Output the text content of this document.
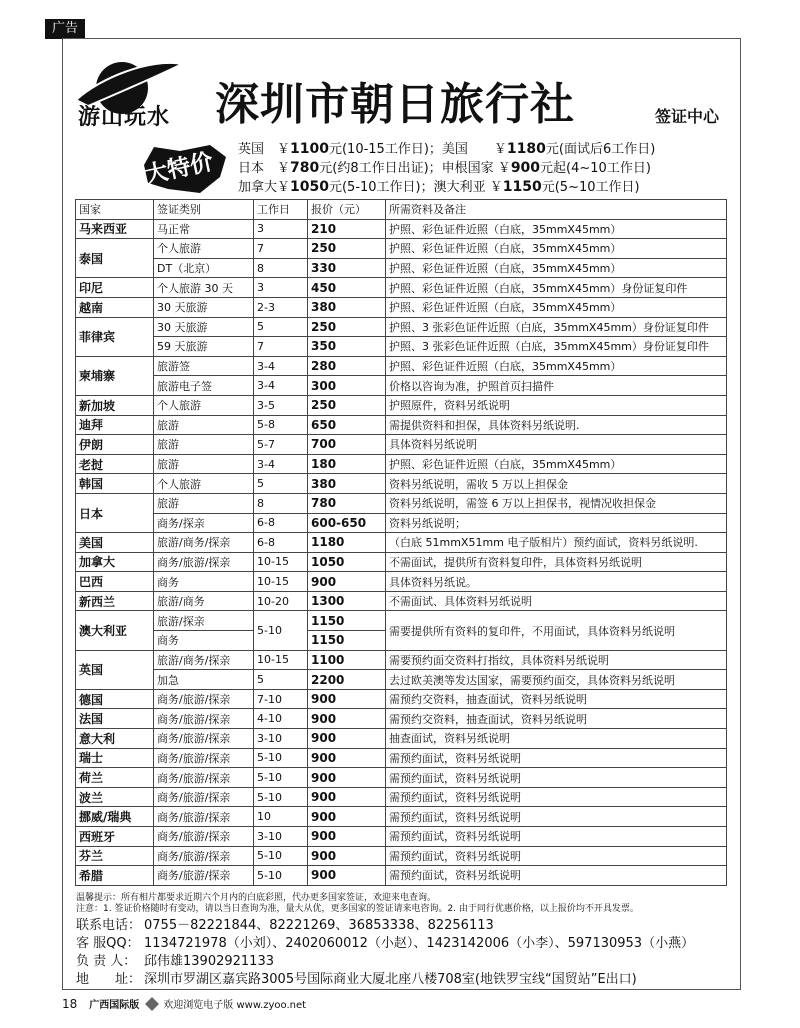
广告
游山玩水 深圳市朝日旅行社	签证中心
大特价 英国　￥1100元(10-15工作日)；美国　　￥1180元(面试后6工作日)
日本　￥780元(约8工作日出证)；申根国家 ￥900元起(4~10工作日)
加拿大￥1050元(5-10工作日)；澳大利亚 ￥1150元(5~10工作日)
国家	签证类别	工作日	报价（元）	所需资料及备注
马来西亚	马正常	3	210	护照、彩色证件近照（白底，35mmX45mm）
泰国	个人旅游	7	250	护照、彩色证件近照（白底，35mmX45mm）
	DT（北京）	8	330	护照、彩色证件近照（白底，35mmX45mm）
印尼	个人旅游 30 天	3	450	护照、彩色证件近照（白底，35mmX45mm）身份证复印件
越南	30 天旅游	2-3	380	护照、彩色证件近照（白底，35mmX45mm）
菲律宾	30 天旅游	5	250	护照、3 张彩色证件近照（白底，35mmX45mm）身份证复印件
	59 天旅游	7	350	护照、3 张彩色证件近照（白底，35mmX45mm）身份证复印件
柬埔寨	旅游签	3-4	280	护照、彩色证件近照（白底，35mmX45mm）
	旅游电子签	3-4	300	价格以咨询为准，护照首页扫描件
新加坡	个人旅游	3-5	250	护照原件，资料另纸说明
迪拜	旅游	5-8	650	需提供资料和担保，具体资料另纸说明.
伊朗	旅游	5-7	700	具体资料另纸说明
老挝	旅游	3-4	180	护照、彩色证件近照（白底，35mmX45mm）
韩国	个人旅游	5	380	资料另纸说明，需收 5 万以上担保金
日本	旅游	8	780	资料另纸说明，需签 6 万以上担保书，视情况收担保金
	商务/探亲	6-8	600-650	资料另纸说明；
美国	旅游/商务/探亲	6-8	1180	（白底 51mmX51mm 电子版相片）预约面试，资料另纸说明.
加拿大	商务/旅游/探亲	10-15	1050	不需面试，提供所有资料复印件，具体资料另纸说明
巴西	商务	10-15	900	具体资料另纸说。
新西兰	旅游/商务	10-20	1300	不需面试、具体资料另纸说明
澳大利亚	旅游/探亲	5-10	1150	需要提供所有资料的复印件，不用面试，具体资料另纸说明
	商务		1150	
英国	旅游/商务/探亲	10-15	1100	需要预约面交资料打指纹，具体资料另纸说明
	加急	5	2200	去过欧美澳等发达国家，需要预约面交，具体资料另纸说明
德国	商务/旅游/探亲	7-10	900	需预约交资料，抽查面试，资料另纸说明
法国	商务/旅游/探亲	4-10	900	需预约交资料，抽查面试，资料另纸说明
意大利	商务/旅游/探亲	3-10	900	抽查面试，资料另纸说明
瑞士	商务/旅游/探亲	5-10	900	需预约面试，资料另纸说明
荷兰	商务/旅游/探亲	5-10	900	需预约面试，资料另纸说明
波兰	商务/旅游/探亲	5-10	900	需预约面试，资料另纸说明
挪威/瑞典	商务/旅游/探亲	10	900	需预约面试，资料另纸说明
西班牙	商务/旅游/探亲	3-10	900	需预约面试，资料另纸说明
芬兰	商务/旅游/探亲	5-10	900	需预约面试，资料另纸说明
希腊	商务/旅游/探亲	5-10	900	需预约面试，资料另纸说明
温馨提示：所有相片都要求近期六个月内的白底彩照，代办更多国家签证，欢迎来电查询。
注意：1. 签证价格随时有变动，请以当日查询为准，量大从优，更多国家的签证请来电咨询。2. 由于同行优惠价格，以上报价均不开具发票。
联系电话： 0755－82221844、82221269、36853338、82256113
客 服QQ： 1134721978（小刘）、2402060012（小赵）、1423142006（小李）、597130953（小燕）
负 责 人： 邱伟雄13902921133
地　　址： 深圳市罗湖区嘉宾路3005号国际商业大厦北座八楼708室(地铁罗宝线“国贸站”E出口)
18 广西国际版 欢迎浏览电子版 www.zyoo.net
